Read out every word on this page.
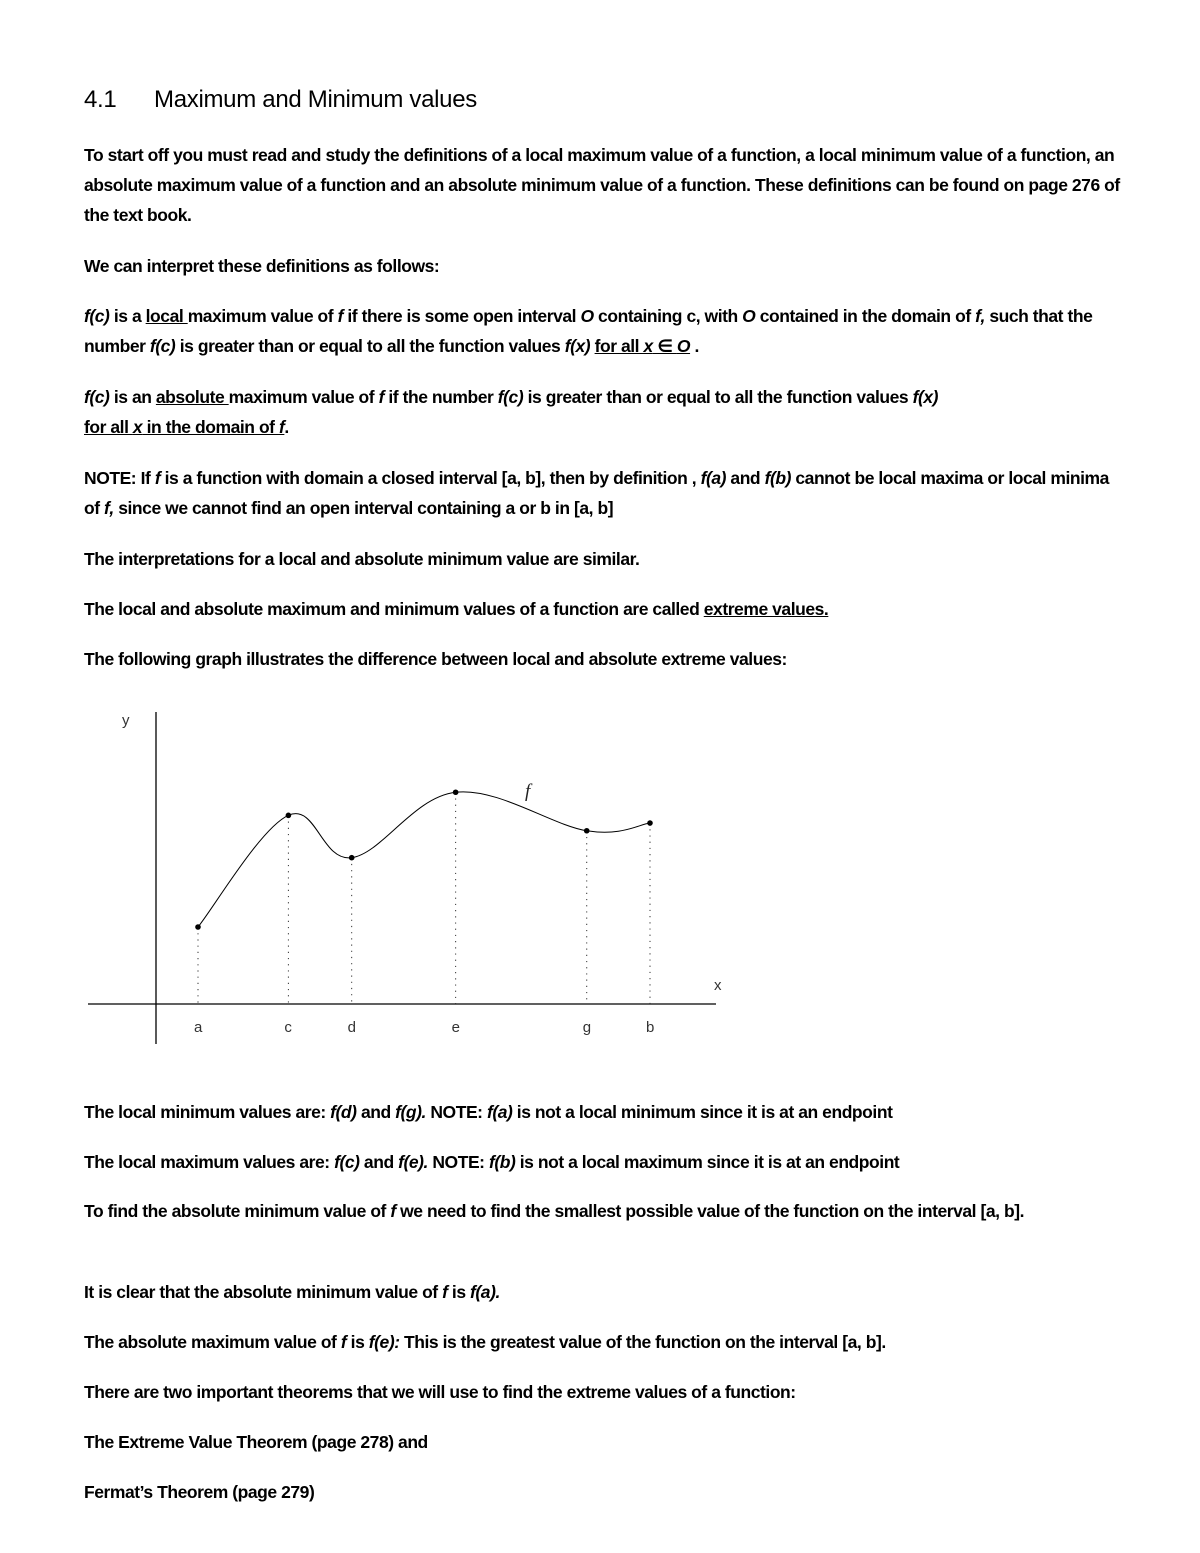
4.1 Maximum and Minimum values

To start off you must read and study the definitions of a local maximum value of a function, a local minimum value of a function, an absolute maximum value of a function and an absolute minimum value of a function. These definitions can be found on page 276 of the text book.

We can interpret these definitions as follows:

f(c) is a local maximum value of f if there is some open interval O containing c, with O contained in the domain of f, such that the number f(c) is greater than or equal to all the function values f(x) for all x ∈ O .

f(c) is an absolute maximum value of f if the number f(c) is greater than or equal to all the function values f(x)
for all x in the domain of f.

NOTE: If f is a function with domain a closed interval [a, b], then by definition , f(a) and f(b) cannot be local maxima or local minima of f, since we cannot find an open interval containing a or b in [a, b]

The interpretations for a local and absolute minimum value are similar.

The local and absolute maximum and minimum values of a function are called extreme values.

The following graph illustrates the difference between local and absolute extreme values:

y
x
f
a	c	d	e	g	b

The local minimum values are: f(d) and f(g). NOTE: f(a) is not a local minimum since it is at an endpoint

The local maximum values are: f(c) and f(e). NOTE: f(b) is not a local maximum since it is at an endpoint

To find the absolute minimum value of f we need to find the smallest possible value of the function on the interval [a, b].

It is clear that the absolute minimum value of f is f(a).

The absolute maximum value of f is f(e): This is the greatest value of the function on the interval [a, b].

There are two important theorems that we will use to find the extreme values of a function:

The Extreme Value Theorem (page 278) and

Fermat’s Theorem (page 279)
